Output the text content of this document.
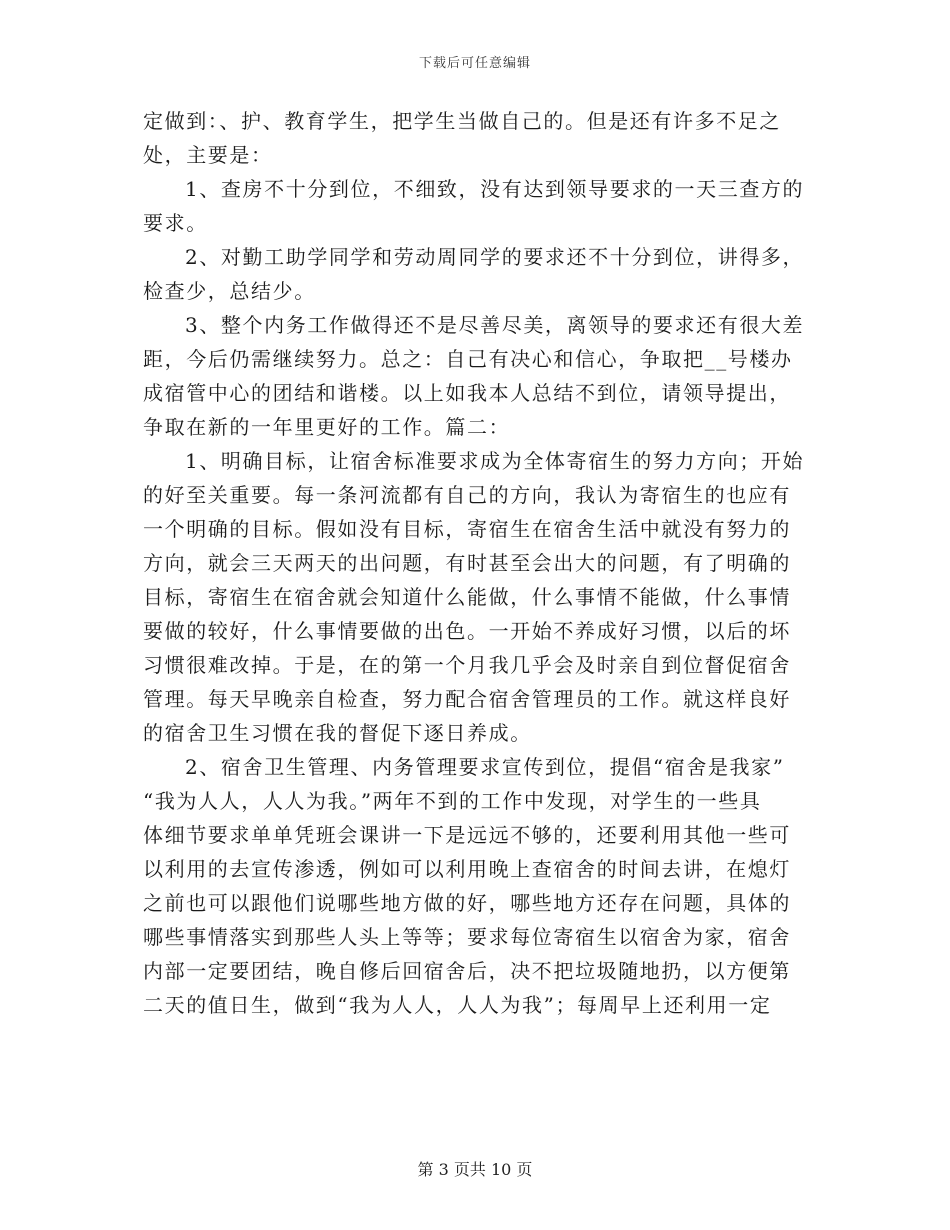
下载后可任意编辑
定做到：、护、教育学生，把学生当做自己的。但是还有许多不足之
处，主要是：
1、查房不十分到位，不细致，没有达到领导要求的一天三查方的
要求。
2、对勤工助学同学和劳动周同学的要求还不十分到位，讲得多，
检查少，总结少。
3、整个内务工作做得还不是尽善尽美，离领导的要求还有很大差
距，今后仍需继续努力。总之：自己有决心和信心，争取把__号楼办
成宿管中心的团结和谐楼。以上如我本人总结不到位，请领导提出，
争取在新的一年里更好的工作。篇二：
1、明确目标，让宿舍标准要求成为全体寄宿生的努力方向；开始
的好至关重要。每一条河流都有自己的方向，我认为寄宿生的也应有
一个明确的目标。假如没有目标，寄宿生在宿舍生活中就没有努力的
方向，就会三天两天的出问题，有时甚至会出大的问题，有了明确的
目标，寄宿生在宿舍就会知道什么能做，什么事情不能做，什么事情
要做的较好，什么事情要做的出色。一开始不养成好习惯，以后的坏
习惯很难改掉。于是，在的第一个月我几乎会及时亲自到位督促宿舍
管理。每天早晚亲自检查，努力配合宿舍管理员的工作。就这样良好
的宿舍卫生习惯在我的督促下逐日养成。
2、宿舍卫生管理、内务管理要求宣传到位，提倡“宿舍是我家”
“我为人人，人人为我。”两年不到的工作中发现，对学生的一些具
体细节要求单单凭班会课讲一下是远远不够的，还要利用其他一些可
以利用的去宣传渗透，例如可以利用晚上查宿舍的时间去讲，在熄灯
之前也可以跟他们说哪些地方做的好，哪些地方还存在问题，具体的
哪些事情落实到那些人头上等等；要求每位寄宿生以宿舍为家，宿舍
内部一定要团结，晚自修后回宿舍后，决不把垃圾随地扔，以方便第
二天的值日生，做到“我为人人，人人为我”；每周早上还利用一定
第 3 页共 10 页
